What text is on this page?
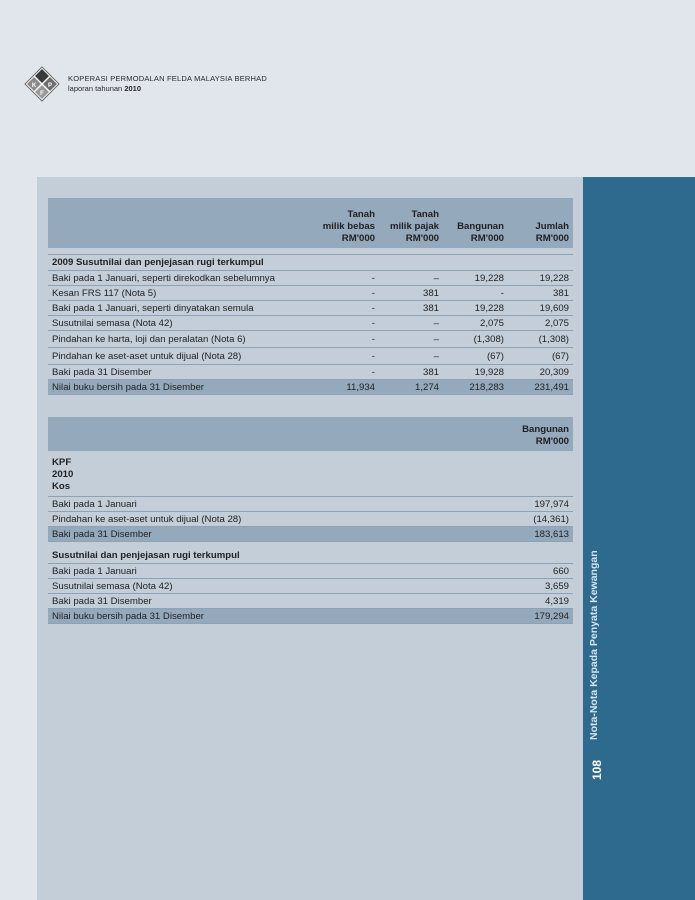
K P
F
KOPERASI PERMODALAN FELDA MALAYSIA BERHAD
laporan tahunan 2010
Nota-Nota Kepada Penyata Kewangan
108
	Tanah
milik bebas
RM'000	Tanah
milik pajak
RM'000	Bangunan
RM'000	Jumlah
RM'000

2009 Susutnilai dan penjejasan rugi terkumpul				
Baki pada 1 Januari, seperti direkodkan sebelumnya	-	–	19,228	19,228
Kesan FRS 117 (Nota 5)	-	381	-	381
Baki pada 1 Januari, seperti dinyatakan semula	-	381	19,228	19,609
Susutnilai semasa (Nota 42)	-	–	2,075	2,075
Pindahan ke harta, loji dan peralatan (Nota 6)	-	–	(1,308)	(1,308)
Pindahan ke aset-aset untuk dijual (Nota 28)	-	–	(67)	(67)
Baki pada 31 Disember	-	381	19,928	20,309
Nilai buku bersih pada 31 Disember	11,934	1,274	218,283	231,491
	Bangunan
RM'000
KPF
2010
Kos	
Baki pada 1 Januari	197,974
Pindahan ke aset-aset untuk dijual (Nota 28)	(14,361)
Baki pada 31 Disember	183,613

Susutnilai dan penjejasan rugi terkumpul	
Baki pada 1 Januari	660
Susutnilai semasa (Nota 42)	3,659
Baki pada 31 Disember	4,319
Nilai buku bersih pada 31 Disember	179,294
